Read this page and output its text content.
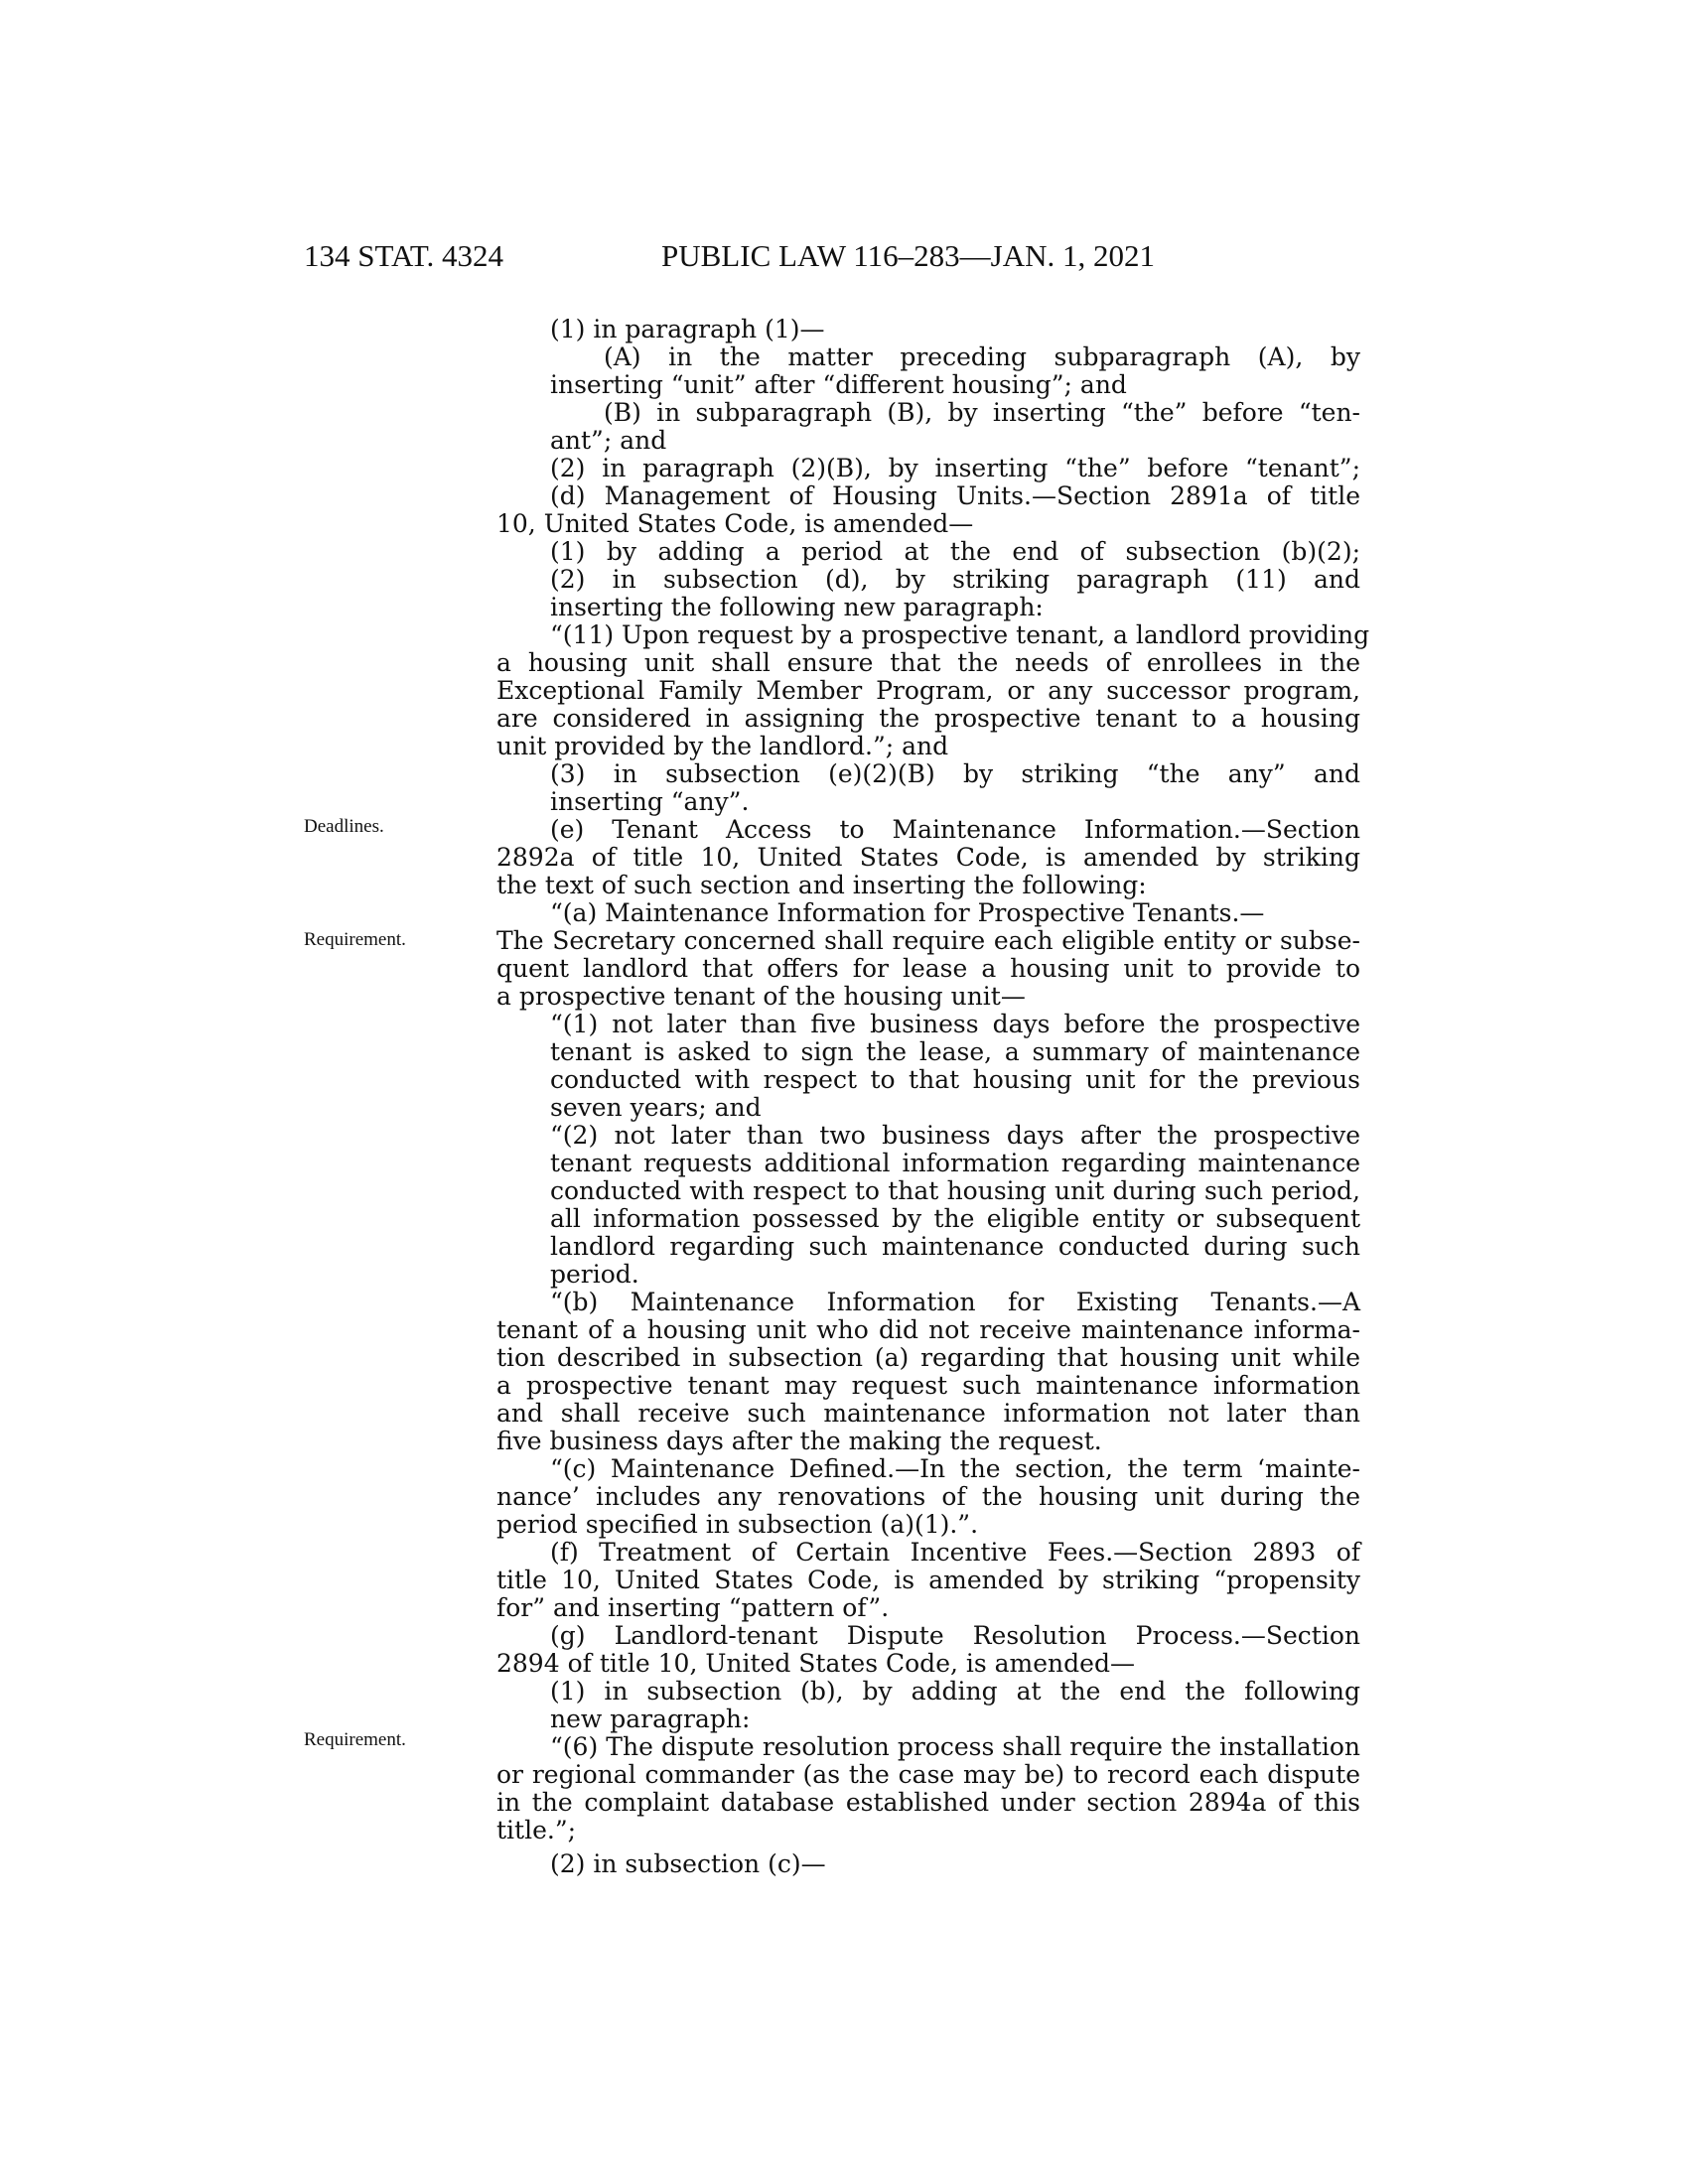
134 STAT. 4324	PUBLIC LAW 116–283—JAN. 1, 2021
Deadlines.
Requirement.
Requirement.
(1) in paragraph (1)—
(A) in the matter preceding subparagraph (A), by
inserting “unit” after “different housing”; and
(B) in subparagraph (B), by inserting “the” before “ten-
ant”; and
(2) in paragraph (2)(B), by inserting “the” before “tenant”;
(d) Management of Housing Units.—Section 2891a of title
10, United States Code, is amended—
(1) by adding a period at the end of subsection (b)(2);
(2) in subsection (d), by striking paragraph (11) and
inserting the following new paragraph:
“(11) Upon request by a prospective tenant, a landlord providing
a housing unit shall ensure that the needs of enrollees in the
Exceptional Family Member Program, or any successor program,
are considered in assigning the prospective tenant to a housing
unit provided by the landlord.”; and
(3) in subsection (e)(2)(B) by striking “the any” and
inserting “any”.
(e) Tenant Access to Maintenance Information.—Section
2892a of title 10, United States Code, is amended by striking
the text of such section and inserting the following:
“(a) Maintenance Information for Prospective Tenants.—
The Secretary concerned shall require each eligible entity or subse-
quent landlord that offers for lease a housing unit to provide to
a prospective tenant of the housing unit—
“(1) not later than five business days before the prospective
tenant is asked to sign the lease, a summary of maintenance
conducted with respect to that housing unit for the previous
seven years; and
“(2) not later than two business days after the prospective
tenant requests additional information regarding maintenance
conducted with respect to that housing unit during such period,
all information possessed by the eligible entity or subsequent
landlord regarding such maintenance conducted during such
period.
“(b) Maintenance Information for Existing Tenants.—A
tenant of a housing unit who did not receive maintenance informa-
tion described in subsection (a) regarding that housing unit while
a prospective tenant may request such maintenance information
and shall receive such maintenance information not later than
five business days after the making the request.
“(c) Maintenance Defined.—In the section, the term ‘mainte-
nance’ includes any renovations of the housing unit during the
period specified in subsection (a)(1).”.
(f) Treatment of Certain Incentive Fees.—Section 2893 of
title 10, United States Code, is amended by striking “propensity
for” and inserting “pattern of”.
(g) Landlord-tenant Dispute Resolution Process.—Section
2894 of title 10, United States Code, is amended—
(1) in subsection (b), by adding at the end the following
new paragraph:
“(6) The dispute resolution process shall require the installation
or regional commander (as the case may be) to record each dispute
in the complaint database established under section 2894a of this
title.”;
(2) in subsection (c)—
